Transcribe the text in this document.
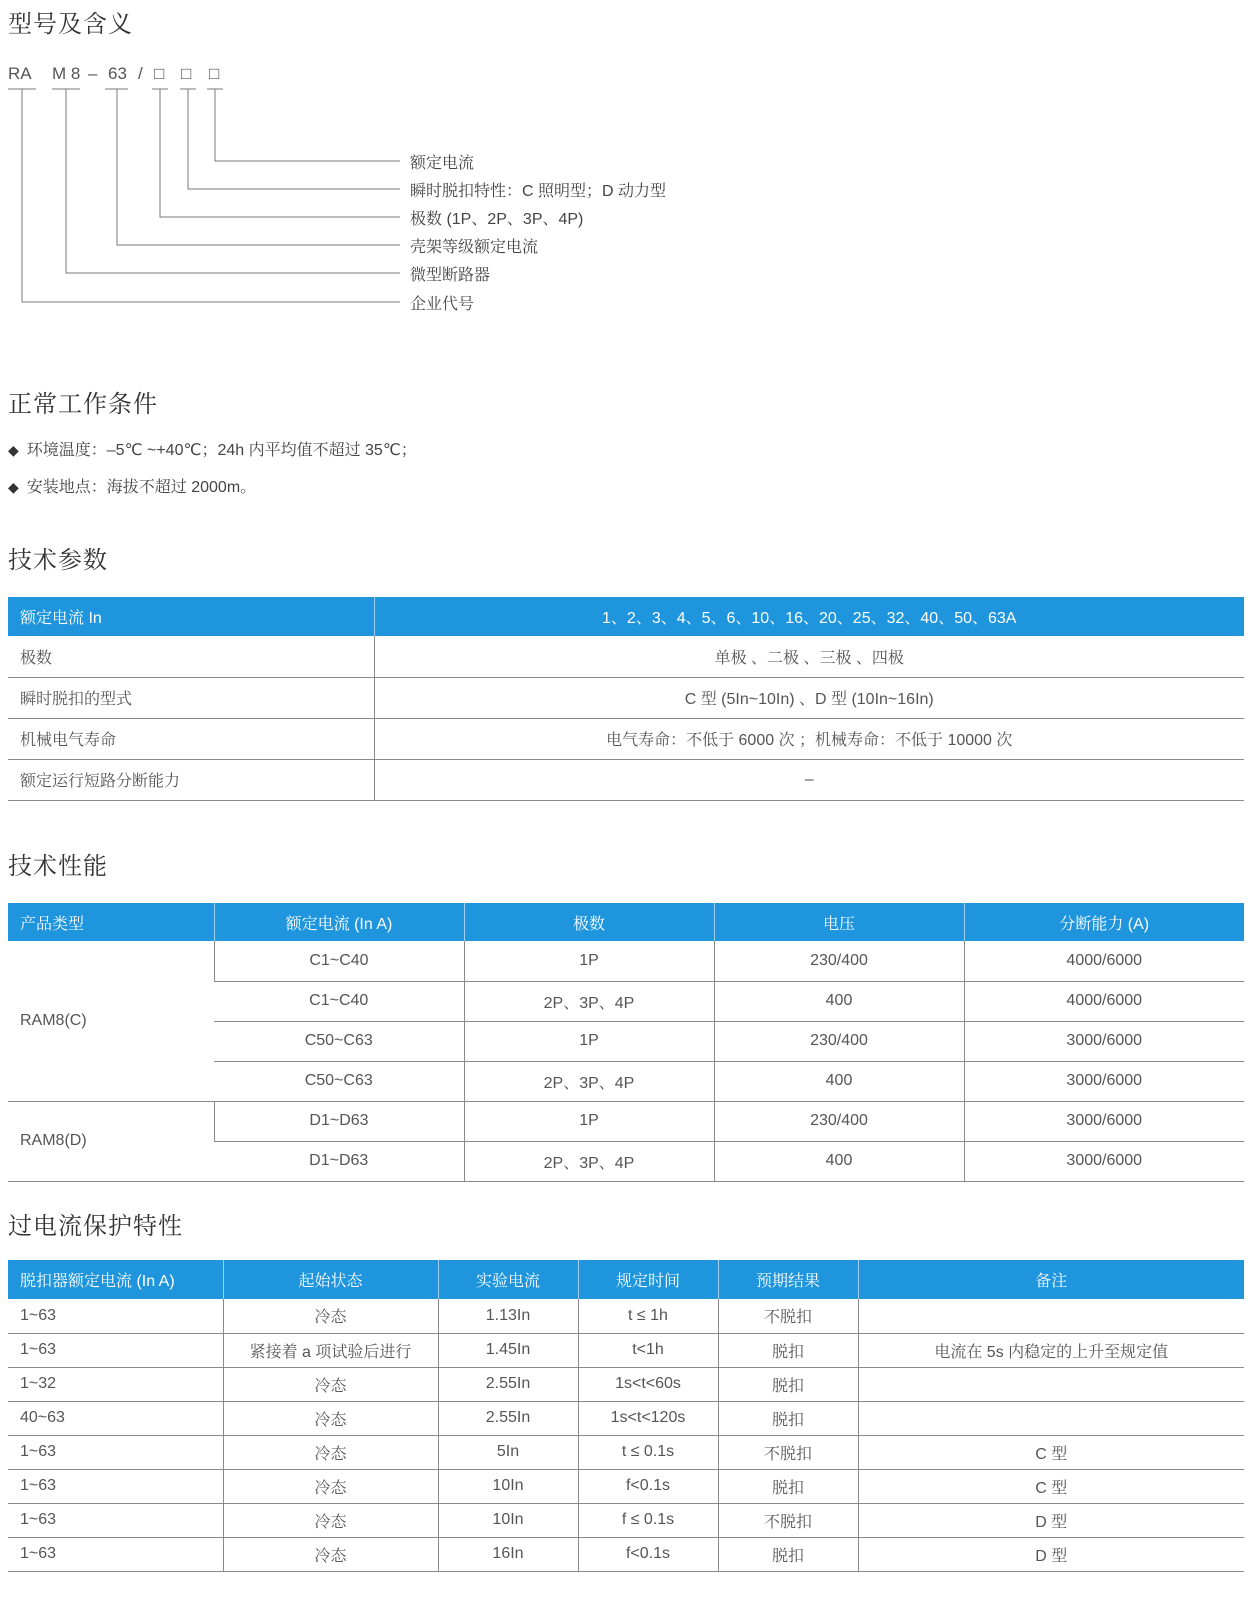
型号及含义
RA M 8 – 63 / □ □ □
额定电流
瞬时脱扣特性：C 照明型；D 动力型
极数 (1P、2P、3P、4P)
壳架等级额定电流
微型断路器
企业代号
正常工作条件
◆ 环境温度：–5℃ ~+40℃；24h 内平均值不超过 35℃；
◆ 安装地点：海拔不超过 2000m。
技术参数
额定电流 In	1、2、3、4、5、6、10、16、20、25、32、40、50、63A
极数	单极 、二极 、三极 、四极
瞬时脱扣的型式	C 型 (5In~10In) 、D 型 (10In~16In)
机械电气寿命	电气寿命：不低于 6000 次 ；机械寿命：不低于 10000 次
额定运行短路分断能力	–
技术性能
产品类型	额定电流 (In A)	极数	电压	分断能力 (A)
RAM8(C)	C1~C40	1P	230/400	4000/6000
	C1~C40	2P、3P、4P	400	4000/6000
	C50~C63	1P	230/400	3000/6000
	C50~C63	2P、3P、4P	400	3000/6000
RAM8(D)	D1~D63	1P	230/400	3000/6000
	D1~D63	2P、3P、4P	400	3000/6000
过电流保护特性
脱扣器额定电流 (In A)	起始状态	实验电流	规定时间	预期结果	备注
1~63	冷态	1.13In	t ≤ 1h	不脱扣	
1~63	紧接着 a 项试验后进行	1.45In	t<1h	脱扣	电流在 5s 内稳定的上升至规定值
1~32	冷态	2.55In	1s<t<60s	脱扣	
40~63	冷态	2.55In	1s<t<120s	脱扣	
1~63	冷态	5In	t ≤ 0.1s	不脱扣	C 型
1~63	冷态	10In	f<0.1s	脱扣	C 型
1~63	冷态	10In	f ≤ 0.1s	不脱扣	D 型
1~63	冷态	16In	f<0.1s	脱扣	D 型
